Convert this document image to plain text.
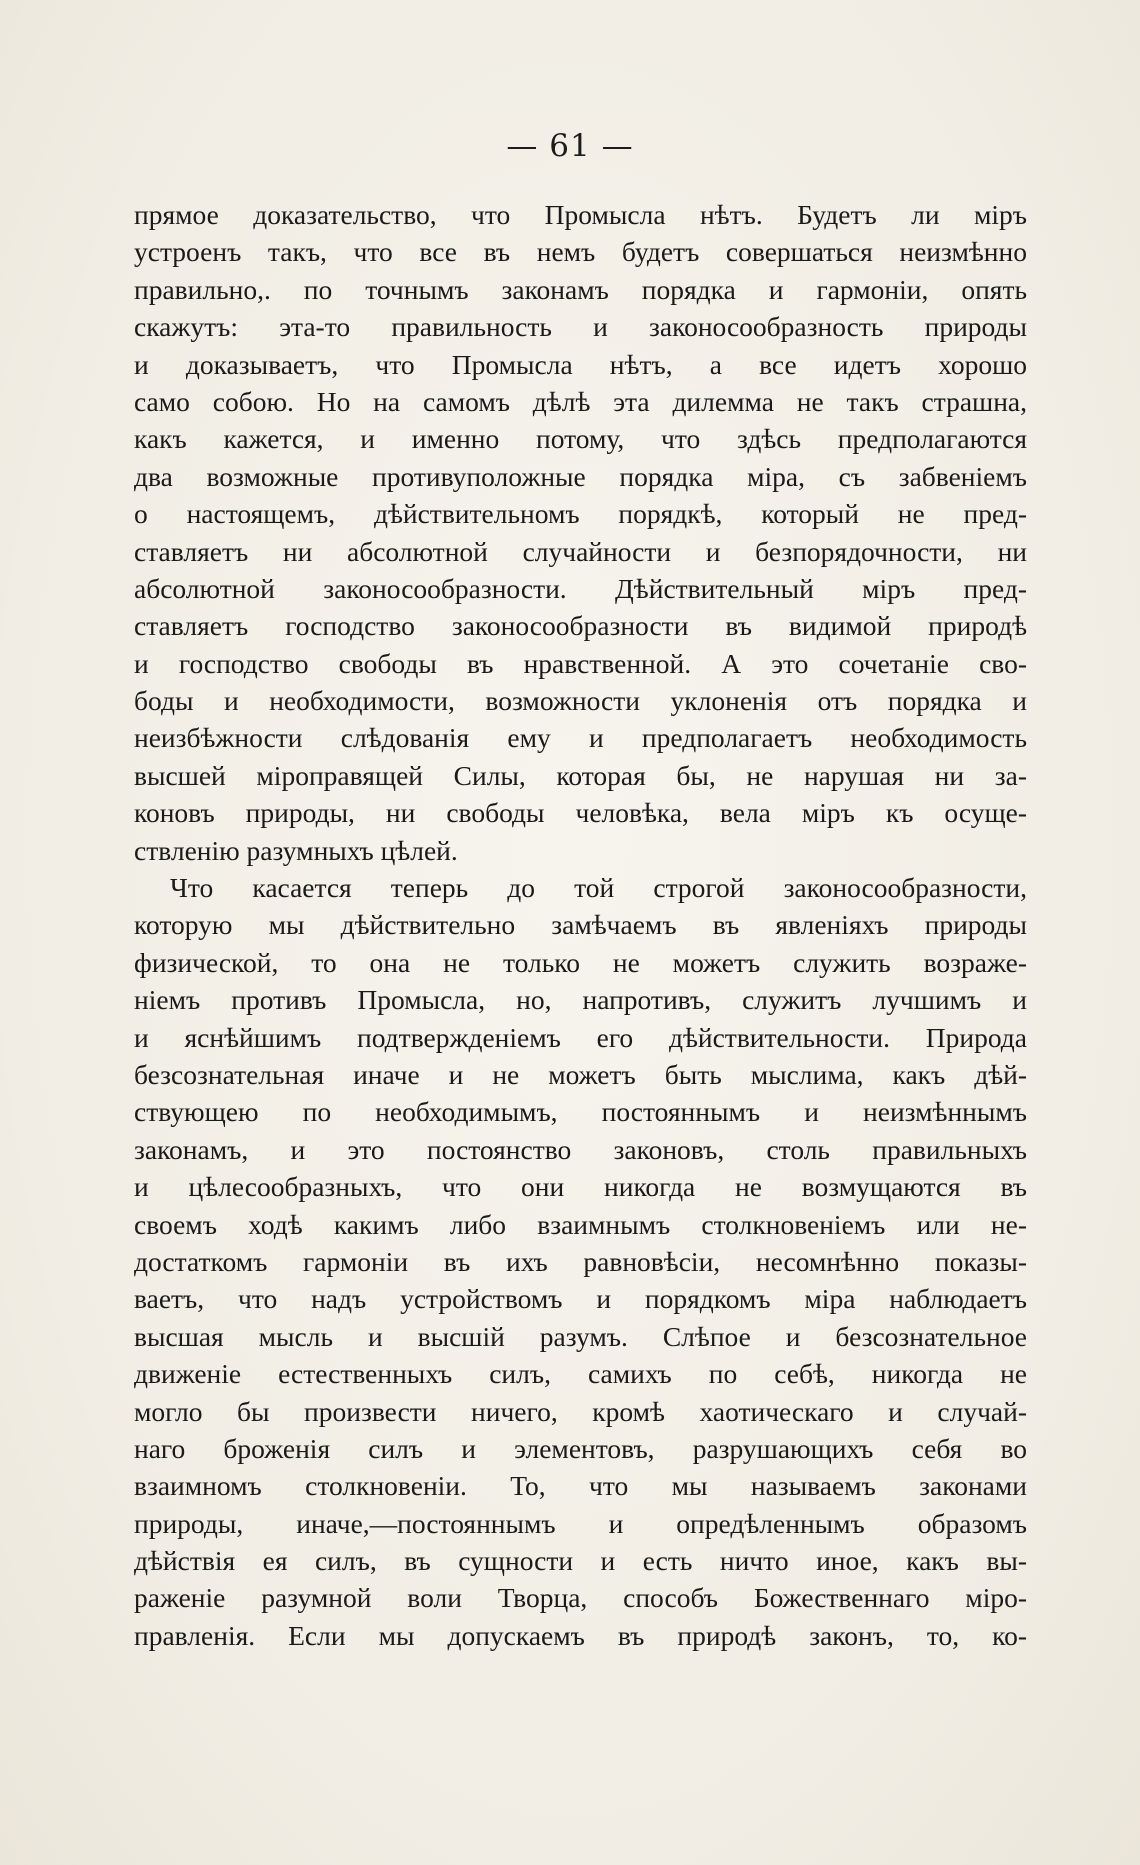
— 61 —
прямое доказательство, что Промысла нѣтъ. Будетъ ли міръ
устроенъ такъ, что все въ немъ будетъ совершаться неизмѣнно
правильно,. по точнымъ законамъ порядка и гармоніи, опять
скажутъ: эта-то правильность и законосообразность природы
и доказываетъ, что Промысла нѣтъ, а все идетъ хорошо
само собою. Но на самомъ дѣлѣ эта дилемма не такъ страшна,
какъ кажется, и именно потому, что здѣсь предполагаются
два возможные противуположные порядка міра, съ забвеніемъ
о настоящемъ, дѣйствительномъ порядкѣ, который не пред-
ставляетъ ни абсолютной случайности и безпорядочности, ни
абсолютной законосообразности. Дѣйствительный міръ пред-
ставляетъ господство законосообразности въ видимой природѣ
и господство свободы въ нравственной. А это сочетаніе сво-
боды и необходимости, возможности уклоненія отъ порядка и
неизбѣжности слѣдованія ему и предполагаетъ необходимость
высшей міроправящей Силы, которая бы, не нарушая ни за-
коновъ природы, ни свободы человѣка, вела міръ къ осуще-
ствленію разумныхъ цѣлей.
Что касается теперь до той строгой законосообразности,
которую мы дѣйствительно замѣчаемъ въ явленіяхъ природы
физической, то она не только не можетъ служить возраже-
ніемъ противъ Промысла, но, напротивъ, служитъ лучшимъ и
и яснѣйшимъ подтвержденіемъ его дѣйствительности. Природа
безсознательная иначе и не можетъ быть мыслима, какъ дѣй-
ствующею по необходимымъ, постояннымъ и неизмѣннымъ
законамъ, и это постоянство законовъ, столь правильныхъ
и цѣлесообразныхъ, что они никогда не возмущаются въ
своемъ ходѣ какимъ либо взаимнымъ столкновеніемъ или не-
достаткомъ гармоніи въ ихъ равновѣсіи, несомнѣнно показы-
ваетъ, что надъ устройствомъ и порядкомъ міра наблюдаетъ
высшая мысль и высшій разумъ. Слѣпое и безсознательное
движеніе естественныхъ силъ, самихъ по себѣ, никогда не
могло бы произвести ничего, кромѣ хаотическаго и случай-
наго броженія силъ и элементовъ, разрушающихъ себя во
взаимномъ столкновеніи. То, что мы называемъ законами
природы, иначе,—постояннымъ и опредѣленнымъ образомъ
дѣйствія ея силъ, въ сущности и есть ничто иное, какъ вы-
раженіе разумной воли Творца, способъ Божественнаго міро-
правленія. Если мы допускаемъ въ природѣ законъ, то, ко-
